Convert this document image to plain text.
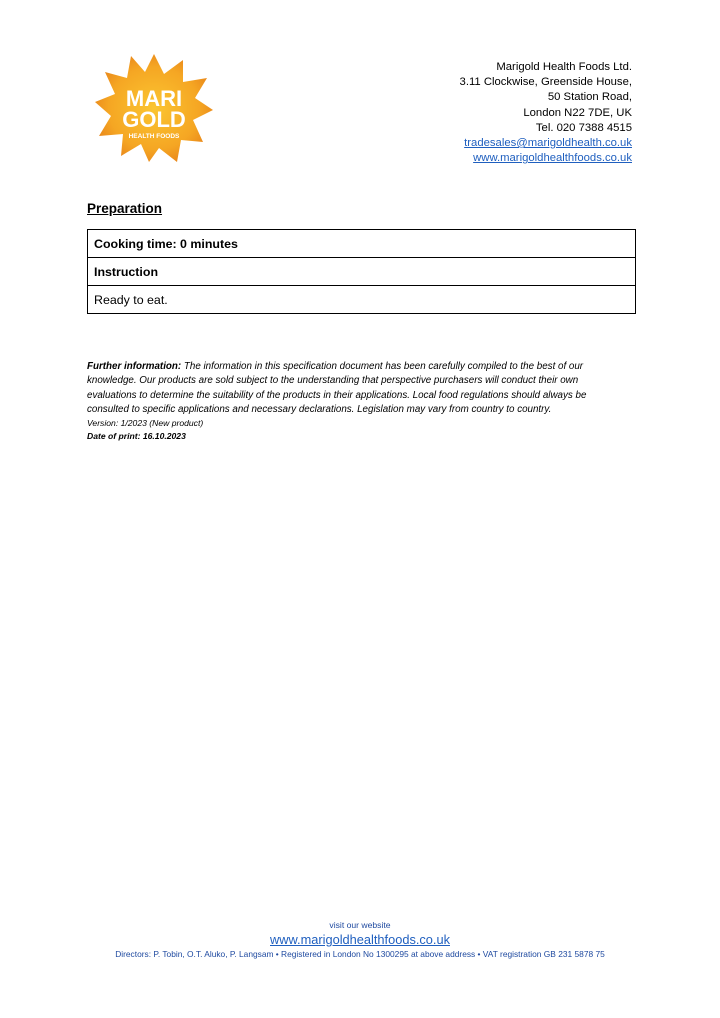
MARI
GOLD
HEALTH FOODS
Marigold Health Foods Ltd.
3.11 Clockwise, Greenside House,
50 Station Road,
London N22 7DE, UK
Tel. 020 7388 4515
tradesales@marigoldhealth.co.uk
www.marigoldhealthfoods.co.uk
Preparation
Cooking time: 0 minutes
Instruction
Ready to eat.
Further information: The information in this specification document has been carefully compiled to the best of our knowledge. Our products are sold subject to the understanding that perspective purchasers will conduct their own evaluations to determine the suitability of the products in their applications. Local food regulations should always be consulted to specific applications and necessary declarations. Legislation may vary from country to country.
Version: 1/2023 (New product)
Date of print: 16.10.2023
visit our website
www.marigoldhealthfoods.co.uk
Directors: P. Tobin, O.T. Aluko, P. Langsam • Registered in London No 1300295 at above address • VAT registration GB 231 5878 75
